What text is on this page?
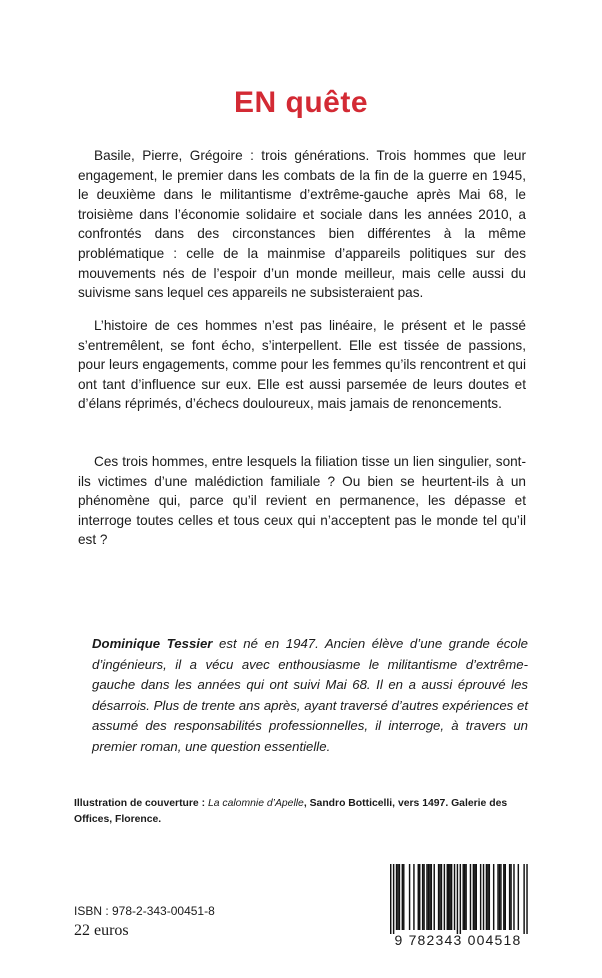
EN quête

Basile, Pierre, Grégoire : trois générations. Trois hommes que leur engagement, le premier dans les combats de la fin de la guerre en 1945, le deuxième dans le militantisme d’extrême-gauche après Mai 68, le troisième dans l’économie solidaire et sociale dans les années 2010, a confrontés dans des circonstances bien différentes à la même problématique : celle de la mainmise d’appareils politiques sur des mouvements nés de l’espoir d’un monde meilleur, mais celle aussi du suivisme sans lequel ces appareils ne subsisteraient pas.

L’histoire de ces hommes n’est pas linéaire, le présent et le passé s’entremêlent, se font écho, s’interpellent. Elle est tissée de passions, pour leurs engagements, comme pour les femmes qu’ils rencontrent et qui ont tant d’influence sur eux. Elle est aussi parsemée de leurs doutes et d’élans réprimés, d’échecs douloureux, mais jamais de renoncements.

Ces trois hommes, entre lesquels la filiation tisse un lien singulier, sont-ils victimes d’une malédiction familiale ? Ou bien se heurtent-ils à un phénomène qui, parce qu’il revient en permanence, les dépasse et interroge toutes celles et tous ceux qui n’acceptent pas le monde tel qu’il est ?

Dominique Tessier est né en 1947. Ancien élève d’une grande école d’ingénieurs, il a vécu avec enthousiasme le militantisme d’extrême-gauche dans les années qui ont suivi Mai 68. Il en a aussi éprouvé les désarrois. Plus de trente ans après, ayant traversé d’autres expériences et assumé des responsabilités professionnelles, il interroge, à travers un premier roman, une question essentielle.

Illustration de couverture : La calomnie d’Apelle, Sandro Botticelli, vers 1497. Galerie des Offices, Florence.

ISBN : 978-2-343-00451-8
22 euros
9 782343 004518
